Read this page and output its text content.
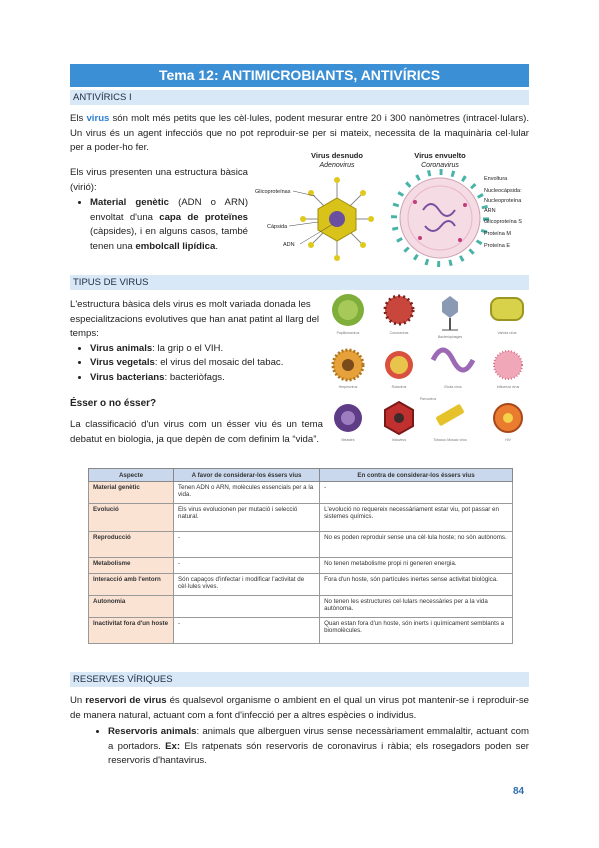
Tema 12: ANTIMICROBIANTS, ANTIVÍRICS
ANTIVÍRICS I
Els virus són molt més petits que les cèl·lules, podent mesurar entre 20 i 300 nanòmetres (intracel·lulars). Un virus és un agent infecciós que no pot reproduir-se per si mateix, necessita de la maquinària cel·lular per a poder-ho fer.
Els virus presenten una estructura bàsica (virió):
• Material genètic (ADN o ARN) envoltat d'una capa de proteïnes (càpsides), i en alguns casos, també tenen una embolcall lipídica.
Virus desnudo
Adenovirus
Virus envuelto
Coronavirus
Glicoproteínas
Cápsida
ADN
Envoltura
Nucleocápsida:
Nucleoproteína
ARN
Glicoproteína S
Proteína M
Proteína E
TIPUS DE VIRUS
L'estructura bàsica dels virus es molt variada donada les especialitzacions evolutives que han anat patint al llarg del temps:
• Virus animals: la grip o el VIH.
• Virus vegetals: el virus del mosaic del tabac.
• Virus bacterians: bacteriòfags.
Ésser o no ésser?
La classificació d'un virus com un ésser viu és un tema debatut en biologia, ja que depèn de com definim la “vida”.
Papillomavirus	Coronavirus
Bacteriophages
Variola virus
Herpesvirus	Rotavirus	Ebola virus	Influenza virus
Measles	Iridovirus	Tobacco Mosaic virus	HIV
Parvovirus
Aspecte	A favor de considerar-los éssers vius	En contra de considerar-los éssers vius
Material genètic	Tenen ADN o ARN, molècules essencials per a la vida.	-
Evolució	Els virus evolucionen per mutació i selecció natural.	L'evolució no requereix necessàriament estar viu, pot passar en sistemes químics.
Reproducció	-	No es poden reproduir sense una cèl·lula hoste; no són autònoms.
Metabolisme	-	No tenen metabolisme propi ni generen energia.
Interacció amb l'entorn	Són capaços d'infectar i modificar l'activitat de cèl·lules vives.	Fora d'un hoste, són partícules inertes sense activitat biològica.
Autonomia		No tenen les estructures cel·lulars necessàries per a la vida autònoma.
Inactivitat fora d'un hoste	-	Quan estan fora d'un hoste, són inerts i químicament semblants a biomolècules.
RESERVES VÍRIQUES
Un reservori de virus és qualsevol organisme o ambient en el qual un virus pot mantenir-se i reproduir-se de manera natural, actuant com a font d'infecció per a altres espècies o individus.
• Reservoris animals: animals que alberguen virus sense necessàriament emmalaltir, actuant com a portadors. Ex: Els ratpenats són reservoris de coronavirus i ràbia; els rosegadors poden ser reservoris d'hantavirus.
84
